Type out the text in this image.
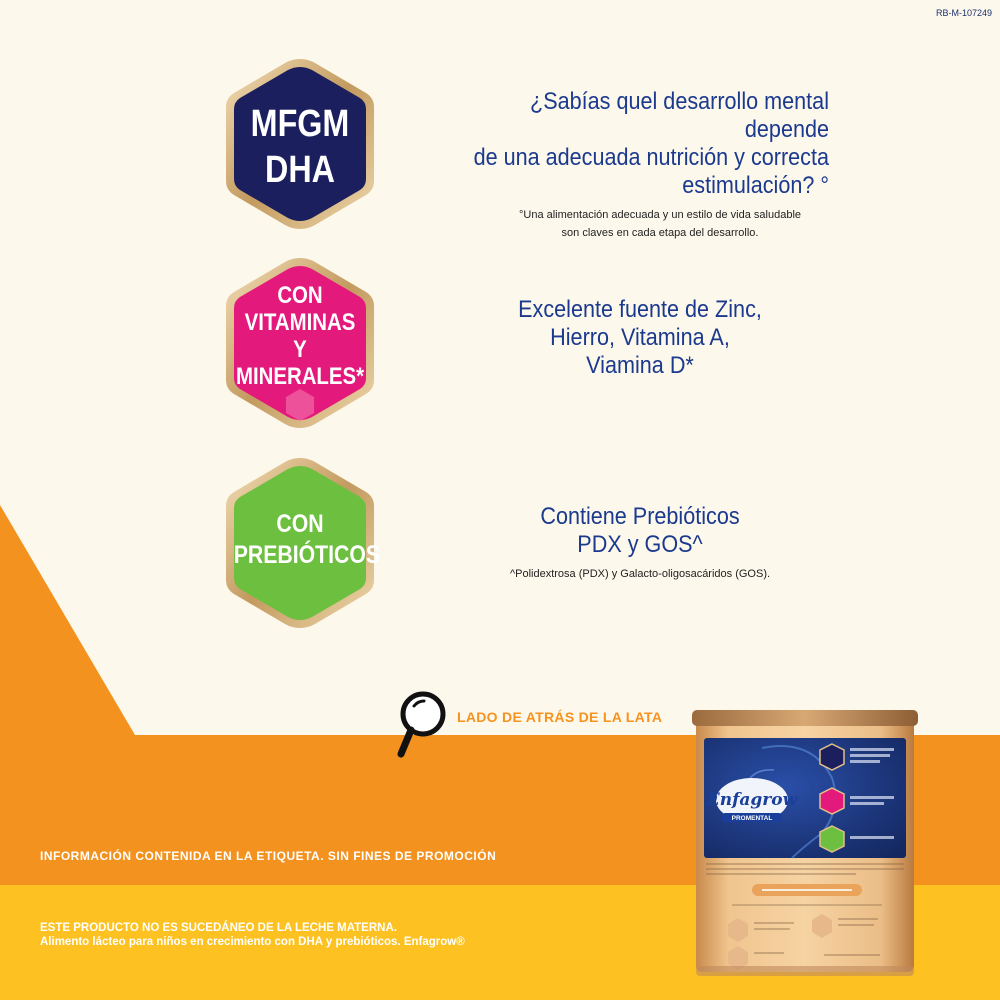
RB-M-107249
MFGM
DHA
CON
VITAMINAS
Y
MINERALES*
CON
PREBIÓTICOS
¿Sabías quel desarrollo mental depende
de una adecuada nutrición y correcta
estimulación? °
°Una alimentación adecuada y un estilo de vida saludable
son claves en cada etapa del desarrollo.
Excelente fuente de Zinc,
Hierro, Vitamina A,
Viamina D*
Contiene Prebióticos
PDX y GOS^
^Polidextrosa (PDX) y Galacto-oligosacáridos (GOS).
LADO DE ATRÁS DE LA LATA
INFORMACIÓN CONTENIDA EN LA ETIQUETA. SIN FINES DE PROMOCIÓN
ESTE PRODUCTO NO ES SUCEDÁNEO DE LA LECHE MATERNA.
Alimento lácteo para niños en crecimiento con DHA y prebióticos. Enfagrow®
Enfagrow
PROMENTAL
